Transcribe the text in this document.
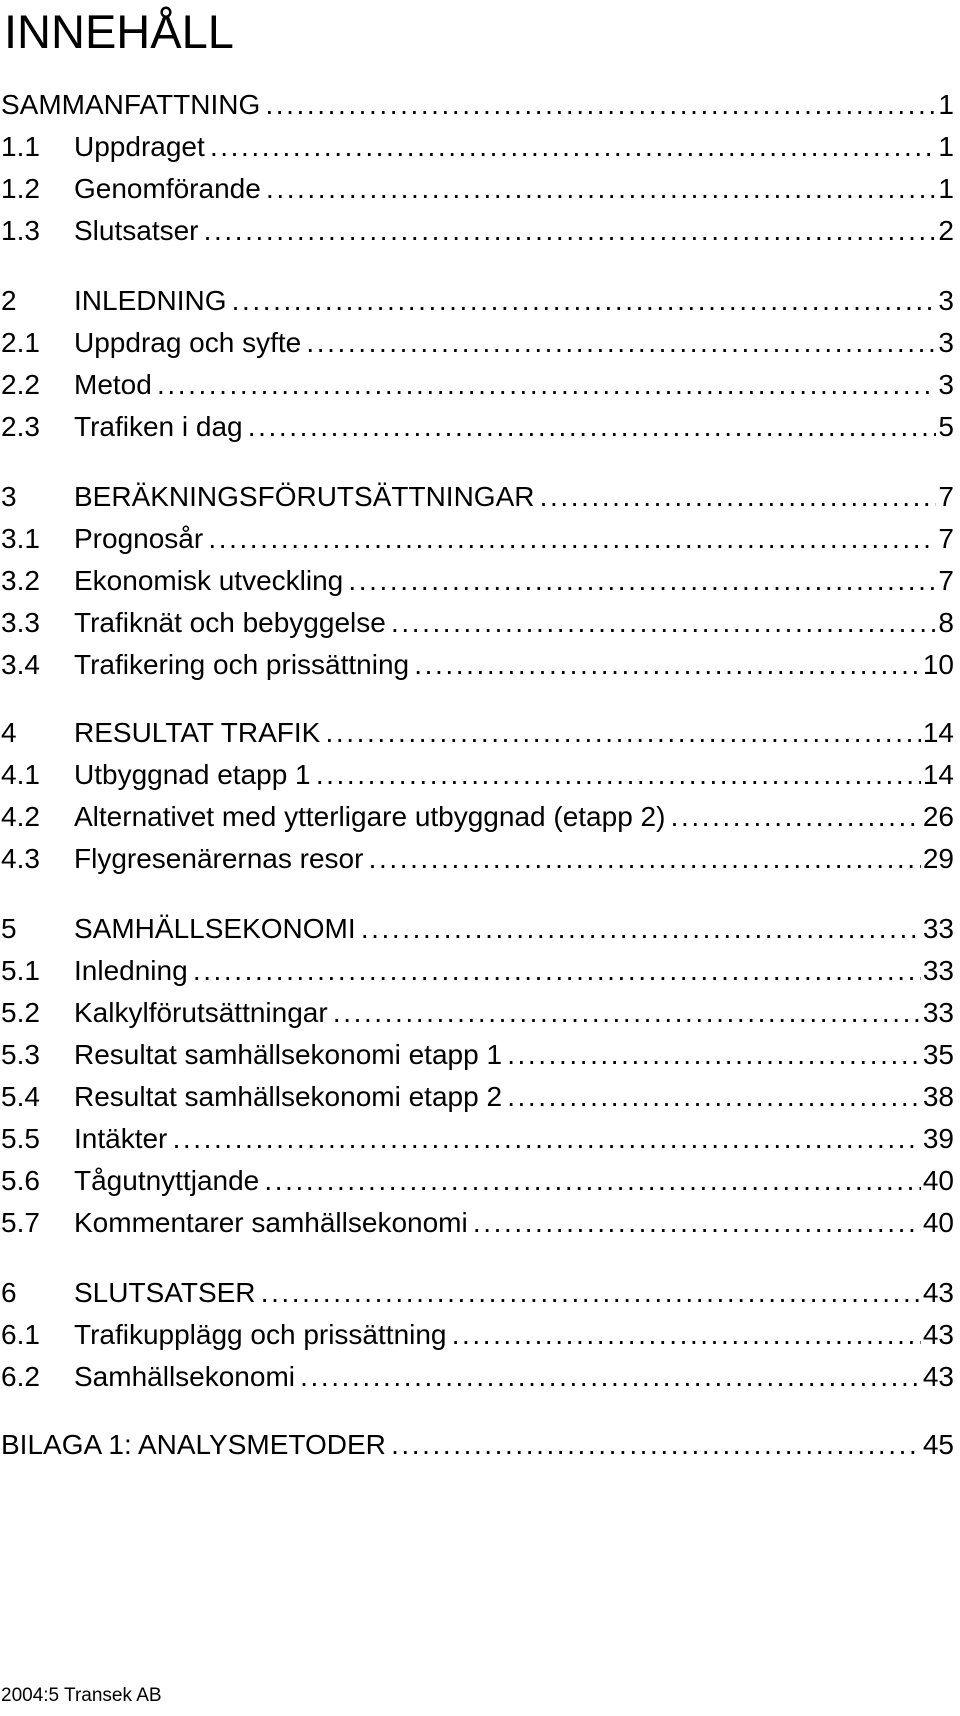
INNEHÅLL
SAMMANFATTNING . . .	1
1.1 Uppdraget . . .	1
1.2 Genomförande . . .	1
1.3 Slutsatser . . .	2
2 INLEDNING . . .	3
2.1 Uppdrag och syfte . . .	3
2.2 Metod . . .	3
2.3 Trafiken i dag . . .	5
3 BERÄKNINGSFÖRUTSÄTTNINGAR . . .	7
3.1 Prognosår . . .	7
3.2 Ekonomisk utveckling . . .	7
3.3 Trafiknät och bebyggelse . . .	8
3.4 Trafikering och prissättning . . .	10
4 RESULTAT TRAFIK . . .	14
4.1 Utbyggnad etapp 1 . . .	14
4.2 Alternativet med ytterligare utbyggnad (etapp 2) . . .	26
4.3 Flygresenärernas resor . . .	29
5 SAMHÄLLSEKONOMI . . .	33
5.1 Inledning . . .	33
5.2 Kalkylförutsättningar . . .	33
5.3 Resultat samhällsekonomi etapp 1 . . .	35
5.4 Resultat samhällsekonomi etapp 2 . . .	38
5.5 Intäkter . . .	39
5.6 Tågutnyttjande . . .	40
5.7 Kommentarer samhällsekonomi . . .	40
6 SLUTSATSER . . .	43
6.1 Trafikupplägg och prissättning . . .	43
6.2 Samhällsekonomi . . .	43
BILAGA 1: ANALYSMETODER . . .	45
2004:5 Transek AB
